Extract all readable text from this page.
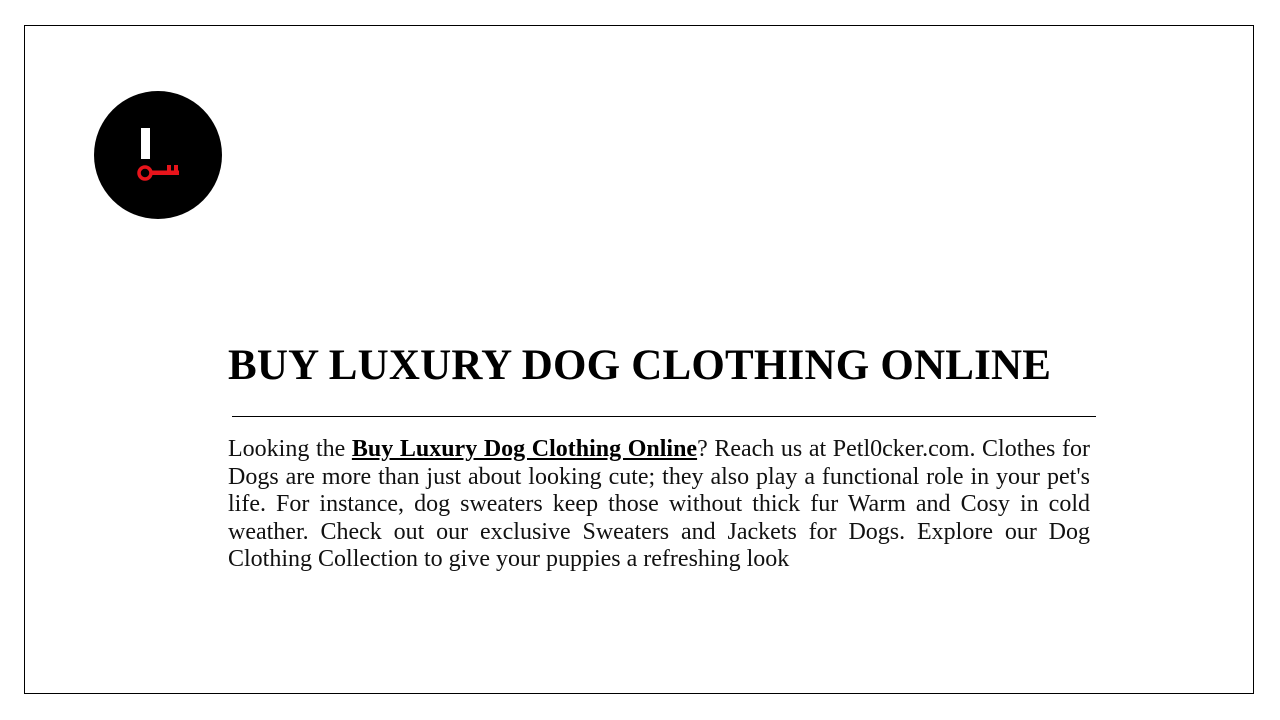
BUY LUXURY DOG CLOTHING ONLINE

Looking the Buy Luxury Dog Clothing Online? Reach us at Petl0cker.com. Clothes for Dogs are more than just about looking cute; they also play a functional role in your pet's life. For instance, dog sweaters keep those without thick fur Warm and Cosy in cold weather. Check out our exclusive Sweaters and Jackets for Dogs. Explore our Dog Clothing Collection to give your puppies a refreshing look
